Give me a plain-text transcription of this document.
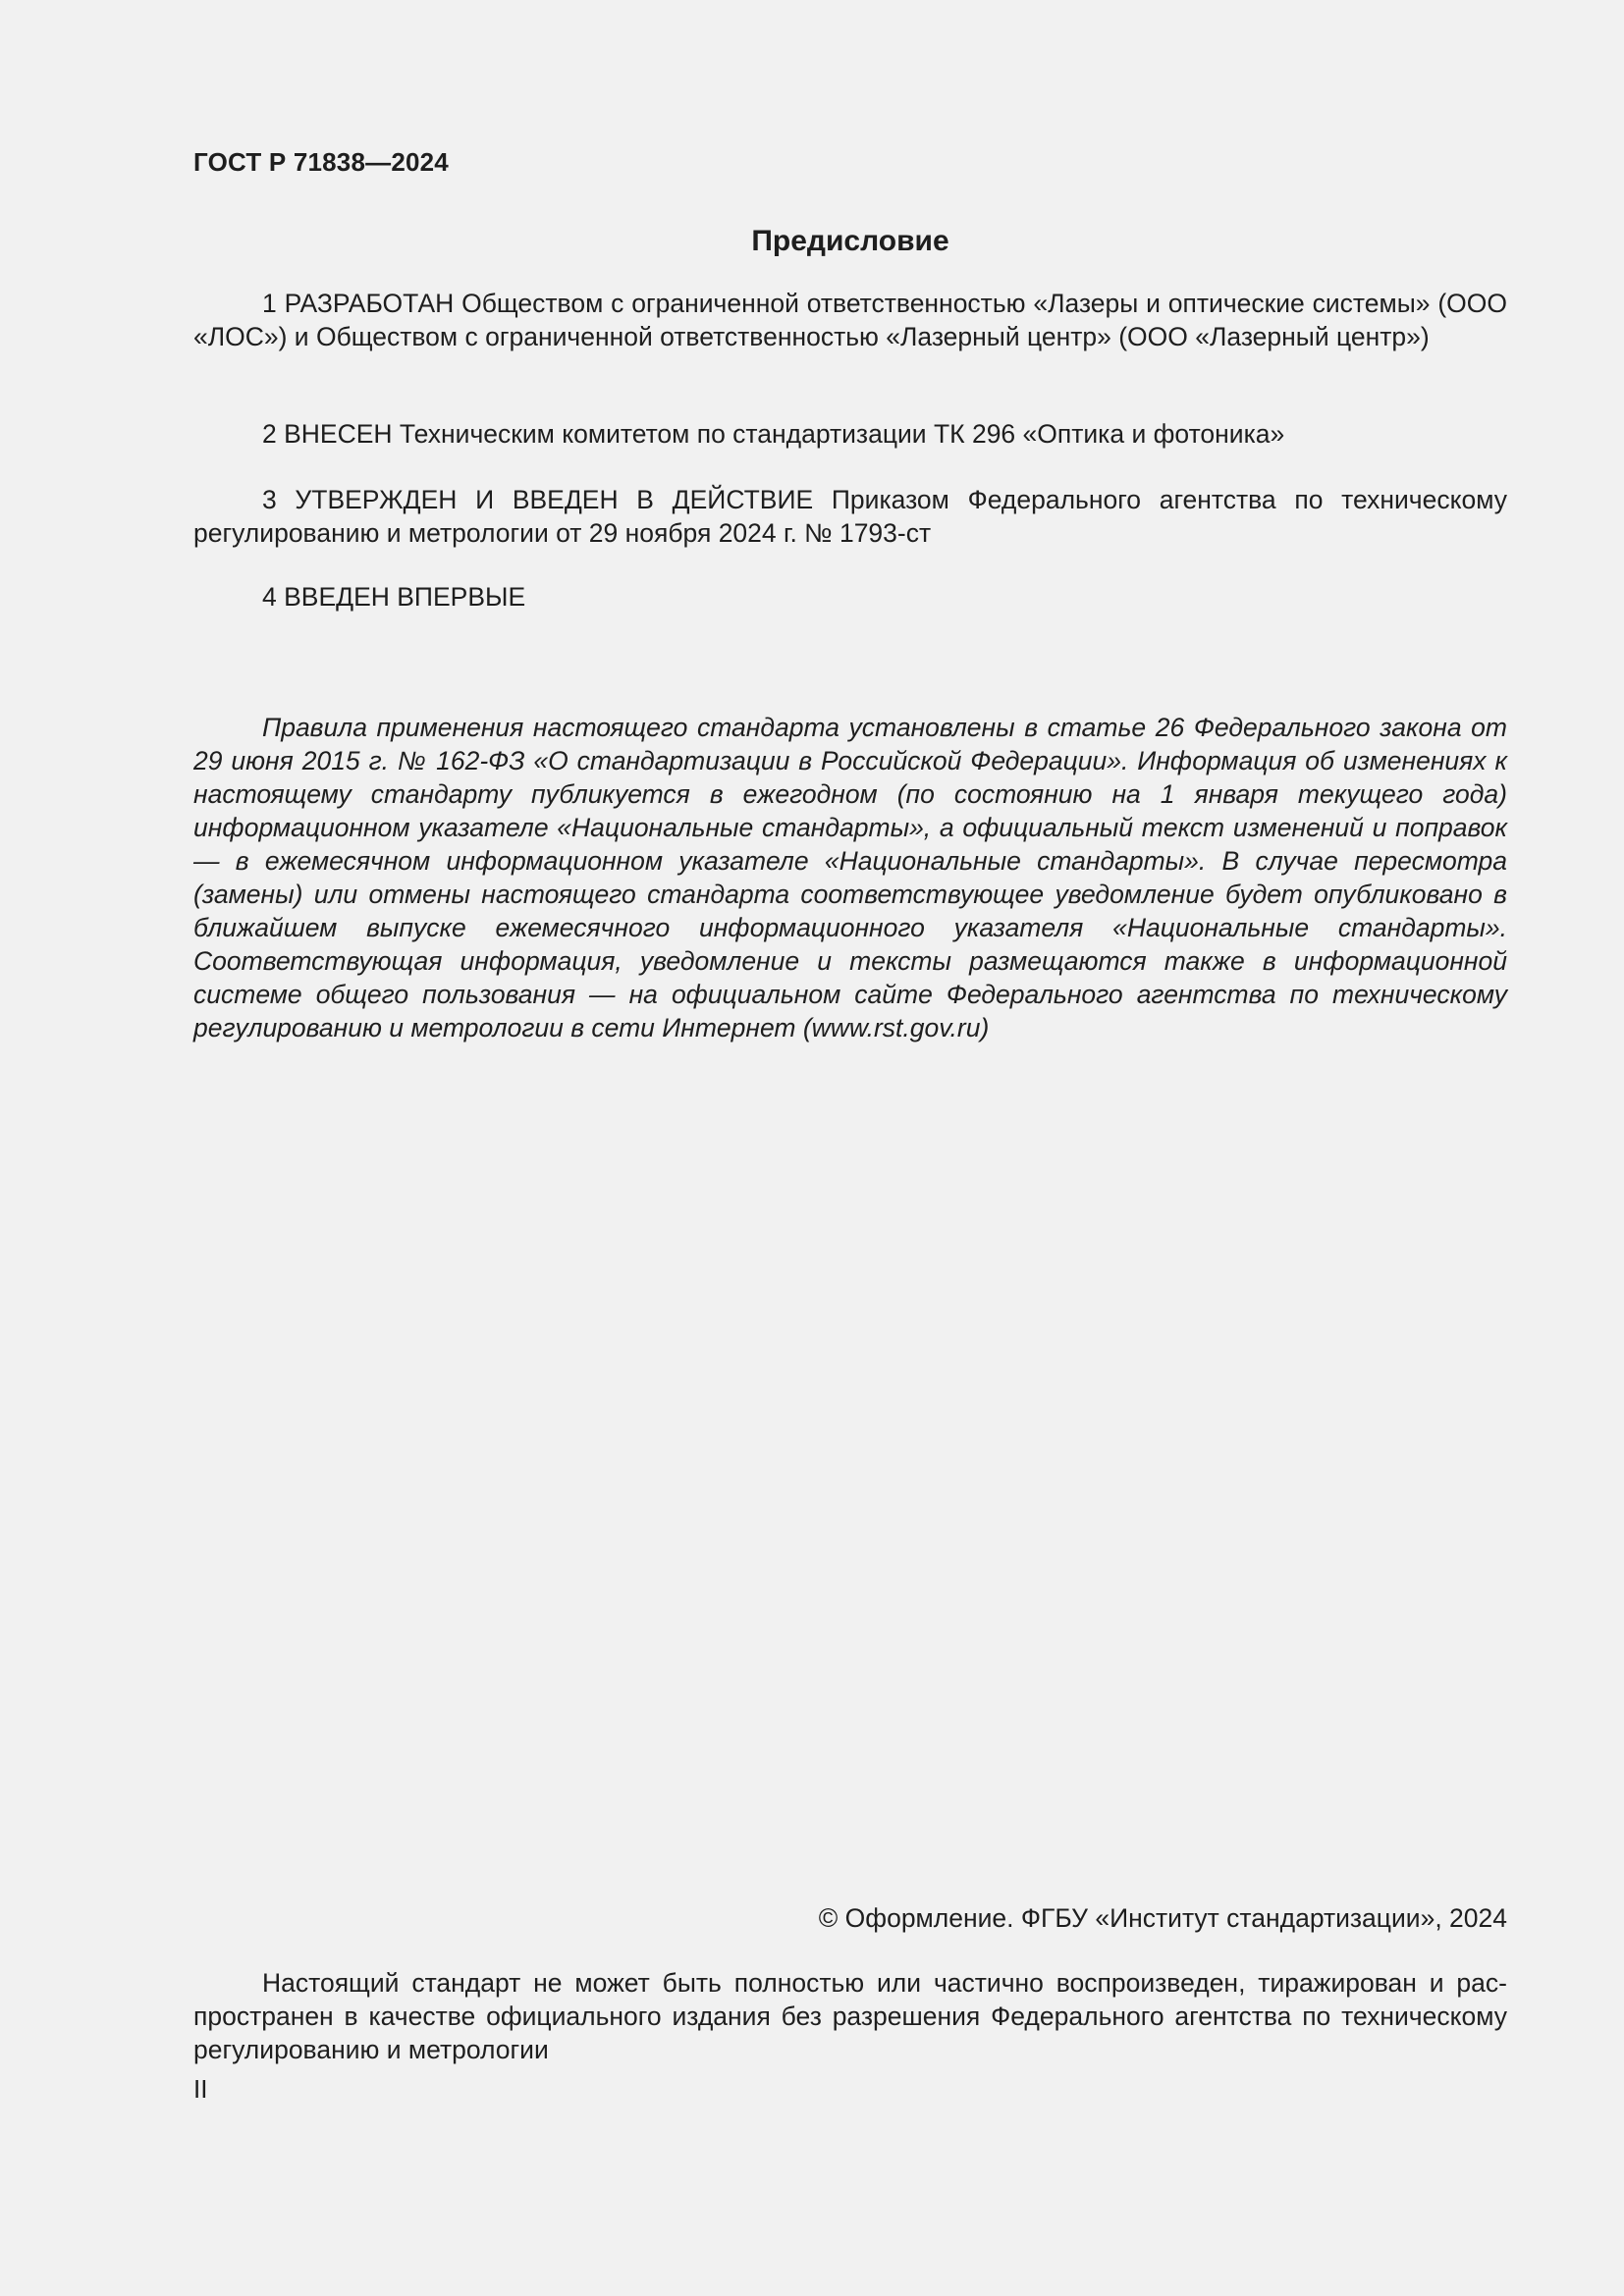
ГОСТ Р 71838—2024
Предисловие
1 РАЗРАБОТАН Обществом с ограниченной ответственностью «Лазеры и оптические системы» (ООО «ЛОС») и Обществом с ограниченной ответственностью «Лазерный центр» (ООО «Лазерный центр»)
2 ВНЕСЕН Техническим комитетом по стандартизации ТК 296 «Оптика и фотоника»
3 УТВЕРЖДЕН И ВВЕДЕН В ДЕЙСТВИЕ Приказом Федерального агентства по техническому регулированию и метрологии от 29 ноября 2024 г. № 1793-ст
4 ВВЕДЕН ВПЕРВЫЕ
Правила применения настоящего стандарта установлены в статье 26 Федерального закона от 29 июня 2015 г. № 162-ФЗ «О стандартизации в Российской Федерации». Информация об изменениях к настоящему стандарту публикуется в ежегодном (по состоянию на 1 января текущего года) информационном указателе «Национальные стандарты», а официальный текст изменений и поправок — в ежемесячном информационном указателе «Национальные стандарты». В случае пересмотра (замены) или отмены настоящего стандарта соответствующее уведомление будет опубликовано в ближайшем выпуске ежемесячного информационного указателя «Национальные стандарты». Соответствующая информация, уведомление и тексты размещаются также в информационной системе общего пользования — на официальном сайте Федерального агентства по техническому регулированию и метрологии в сети Интернет (www.rst.gov.ru)
© Оформление. ФГБУ «Институт стандартизации», 2024
Настоящий стандарт не может быть полностью или частично воспроизведен, тиражирован и распространен в качестве официального издания без разрешения Федерального агентства по техническому регулированию и метрологии
II
